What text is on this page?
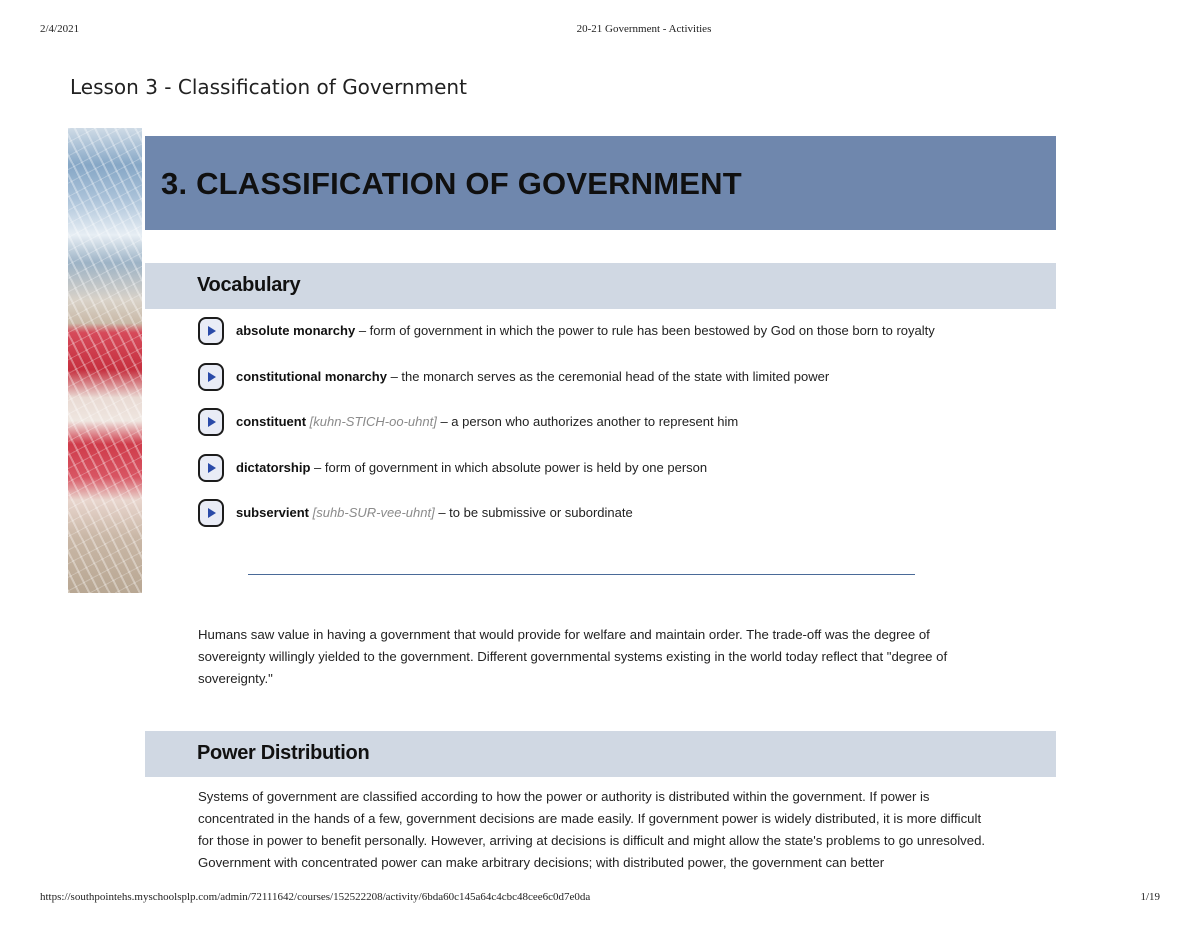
2/4/2021	20-21 Government - Activities
Lesson 3 - Classification of Government
3. CLASSIFICATION OF GOVERNMENT
Vocabulary
absolute monarchy – form of government in which the power to rule has been bestowed by God on those born to royalty
constitutional monarchy – the monarch serves as the ceremonial head of the state with limited power
constituent [kuhn-STICH-oo-uhnt] – a person who authorizes another to represent him
dictatorship – form of government in which absolute power is held by one person
subservient [suhb-SUR-vee-uhnt] – to be submissive or subordinate

Humans saw value in having a government that would provide for welfare and maintain order. The trade-off was the degree of sovereignty willingly yielded to the government. Different governmental systems existing in the world today reflect that "degree of sovereignty."

Power Distribution

Systems of government are classified according to how the power or authority is distributed within the government. If power is concentrated in the hands of a few, government decisions are made easily. If government power is widely distributed, it is more difficult for those in power to benefit personally. However, arriving at decisions is difficult and might allow the state's problems to go unresolved. Government with concentrated power can make arbitrary decisions; with distributed power, the government can better

https://southpointehs.myschoolsplp.com/admin/72111642/courses/152522208/activity/6bda60c145a64c4cbc48cee6c0d7e0da	1/19
